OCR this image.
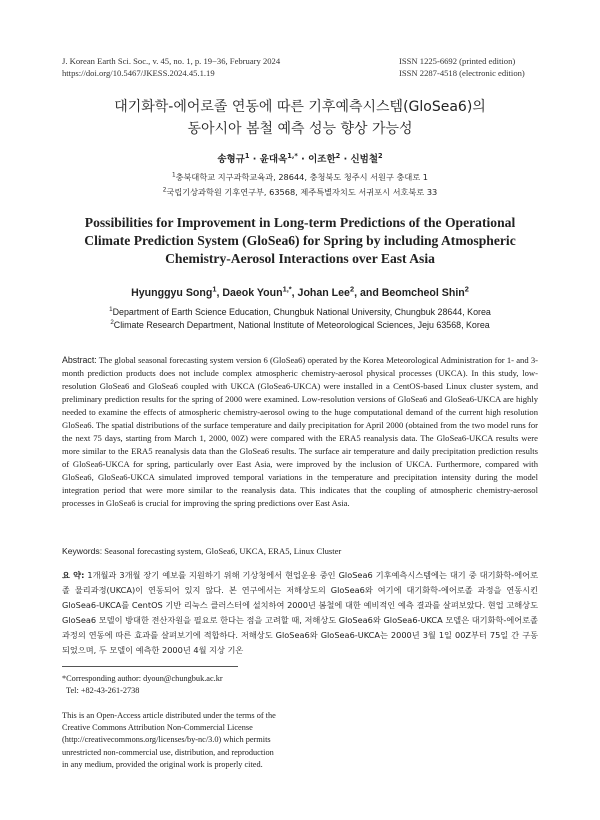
J. Korean Earth Sci. Soc., v. 45, no. 1, p. 19−36, February 2024
https://doi.org/10.5467/JKESS.2024.45.1.19
ISSN 1225-6692 (printed edition)
ISSN 2287-4518 (electronic edition)
대기화학-에어로졸 연동에 따른 기후예측시스템(GloSea6)의
동아시아 봄철 예측 성능 향상 가능성
송형규$^1$ · 윤대옥$^{1,*}$ · 이조한$^2$ · 신범철$^2$
$^1$충북대학교 지구과학교육과, 28644, 충청북도 청주시 서원구 충대로 1
$^2$국립기상과학원 기후연구부, 63568, 제주특별자치도 서귀포시 서호북로 33
Possibilities for Improvement in Long-term Predictions of the Operational
Climate Prediction System (GloSea6) for Spring by including Atmospheric
Chemistry-Aerosol Interactions over East Asia
Hyunggyu Song$^1$, Daeok Youn$^{1,*}$, Johan Lee$^2$, and Beomcheol Shin$^2$
$^1$Department of Earth Science Education, Chungbuk National University, Chungbuk 28644, Korea
$^2$Climate Research Department, National Institute of Meteorological Sciences, Jeju 63568, Korea
Abstract: The global seasonal forecasting system version 6 (GloSea6) operated by the Korea Meteorological Administration for 1- and 3-month prediction products does not include complex atmospheric chemistry-aerosol physical processes (UKCA). In this study, low-resolution GloSea6 and GloSea6 coupled with UKCA (GloSea6-UKCA) were installed in a CentOS-based Linux cluster system, and preliminary prediction results for the spring of 2000 were examined. Low-resolution versions of GloSea6 and GloSea6-UKCA are highly needed to examine the effects of atmospheric chemistry-aerosol owing to the huge computational demand of the current high resolution GloSea6. The spatial distributions of the surface temperature and daily precipitation for April 2000 (obtained from the two model runs for the next 75 days, starting from March 1, 2000, 00Z) were compared with the ERA5 reanalysis data. The GloSea6-UKCA results were more similar to the ERA5 reanalysis data than the GloSea6 results. The surface air temperature and daily precipitation prediction results of GloSea6-UKCA for spring, particularly over East Asia, were improved by the inclusion of UKCA. Furthermore, compared with GloSea6, GloSea6-UKCA simulated improved temporal variations in the temperature and precipitation intensity during the model integration period that were more similar to the reanalysis data. This indicates that the coupling of atmospheric chemistry-aerosol processes in GloSea6 is crucial for improving the spring predictions over East Asia.
Keywords: Seasonal forecasting system, GloSea6, UKCA, ERA5, Linux Cluster
요 약: 1개월과 3개월 장기 예보를 지원하기 위해 기상청에서 현업운용 중인 GloSea6 기후예측시스템에는 대기 중 대기화학-에어로졸 물리과정(UKCA)이 연동되어 있지 않다. 본 연구에서는 저해상도의 GloSea6와 여기에 대기화학-에어로졸 과정을 연동시킨 GloSea6-UKCA를 CentOS 기반 리눅스 클러스터에 설치하여 2000년 봄철에 대한 예비적인 예측 결과를 살펴보았다. 현업 고해상도 GloSea6 모델이 방대한 전산자원을 필요로 한다는 점을 고려할 때, 저해상도 GloSea6와 GloSea6-UKCA 모델은 대기화학-에어로졸 과정의 연동에 따른 효과를 살펴보기에 적합하다. 저해상도 GloSea6와 GloSea6-UKCA는 2000년 3월 1일 00Z부터 75일 간 구동되었으며, 두 모델이 예측한 2000년 4월 지상 기온
*Corresponding author: dyoun@chungbuk.ac.kr
Tel: +82-43-261-2738
This is an Open-Access article distributed under the terms of the Creative Commons Attribution Non-Commercial License (http://creativecommons.org/licenses/by-nc/3.0) which permits unrestricted non-commercial use, distribution, and reproduction in any medium, provided the original work is properly cited.
